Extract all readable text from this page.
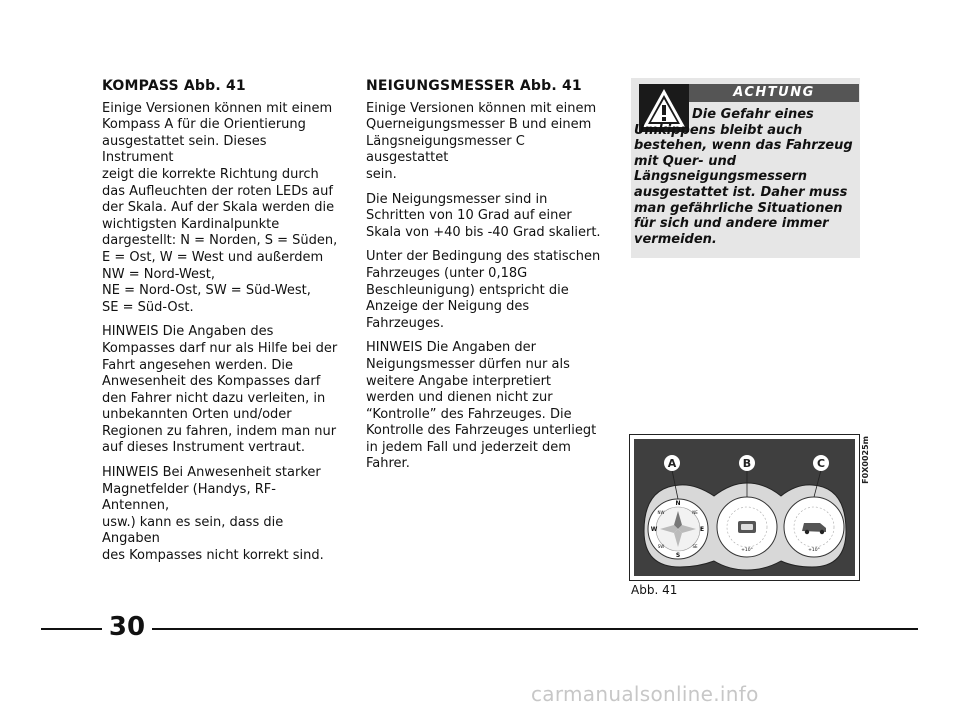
KOMPASS Abb. 41

Einige Versionen können mit einem
Kompass A für die Orientierung
ausgestattet sein. Dieses Instrument
zeigt die korrekte Richtung durch
das Aufleuchten der roten LEDs auf
der Skala. Auf der Skala werden die
wichtigsten Kardinalpunkte
dargestellt: N = Norden, S = Süden,
E = Ost, W = West und außerdem
NW = Nord-West,
NE = Nord-Ost, SW = Süd-West,
SE = Süd-Ost.

HINWEIS Die Angaben des
Kompasses darf nur als Hilfe bei der
Fahrt angesehen werden. Die
Anwesenheit des Kompasses darf
den Fahrer nicht dazu verleiten, in
unbekannten Orten und/oder
Regionen zu fahren, indem man nur
auf dieses Instrument vertraut.

HINWEIS Bei Anwesenheit starker
Magnetfelder (Handys, RF-Antennen,
usw.) kann es sein, dass die Angaben
des Kompasses nicht korrekt sind.

NEIGUNGSMESSER Abb. 41

Einige Versionen können mit einem
Querneigungsmesser B und einem
Längsneigungsmesser C ausgestattet
sein.

Die Neigungsmesser sind in
Schritten von 10 Grad auf einer
Skala von +40 bis -40 Grad skaliert.

Unter der Bedingung des statischen
Fahrzeuges (unter 0,18G
Beschleunigung) entspricht die
Anzeige der Neigung des
Fahrzeuges.

HINWEIS Die Angaben der
Neigungsmesser dürfen nur als
weitere Angabe interpretiert
werden und dienen nicht zur
“Kontrolle” des Fahrzeuges. Die
Kontrolle des Fahrzeuges unterliegt
in jedem Fall und jederzeit dem
Fahrer.

ACHTUNG
Die Gefahr eines Umkippens bleibt auch bestehen, wenn das Fahrzeug mit Quer- und Längsneigungsmessern ausgestattet ist. Daher muss man gefährliche Situationen für sich und andere immer vermeiden.
N
S
E
W
NW	NE
SW	SE
+10°	+10°
A	B	C	F0X0025m
Abb. 41
30
carmanualsonline.info
